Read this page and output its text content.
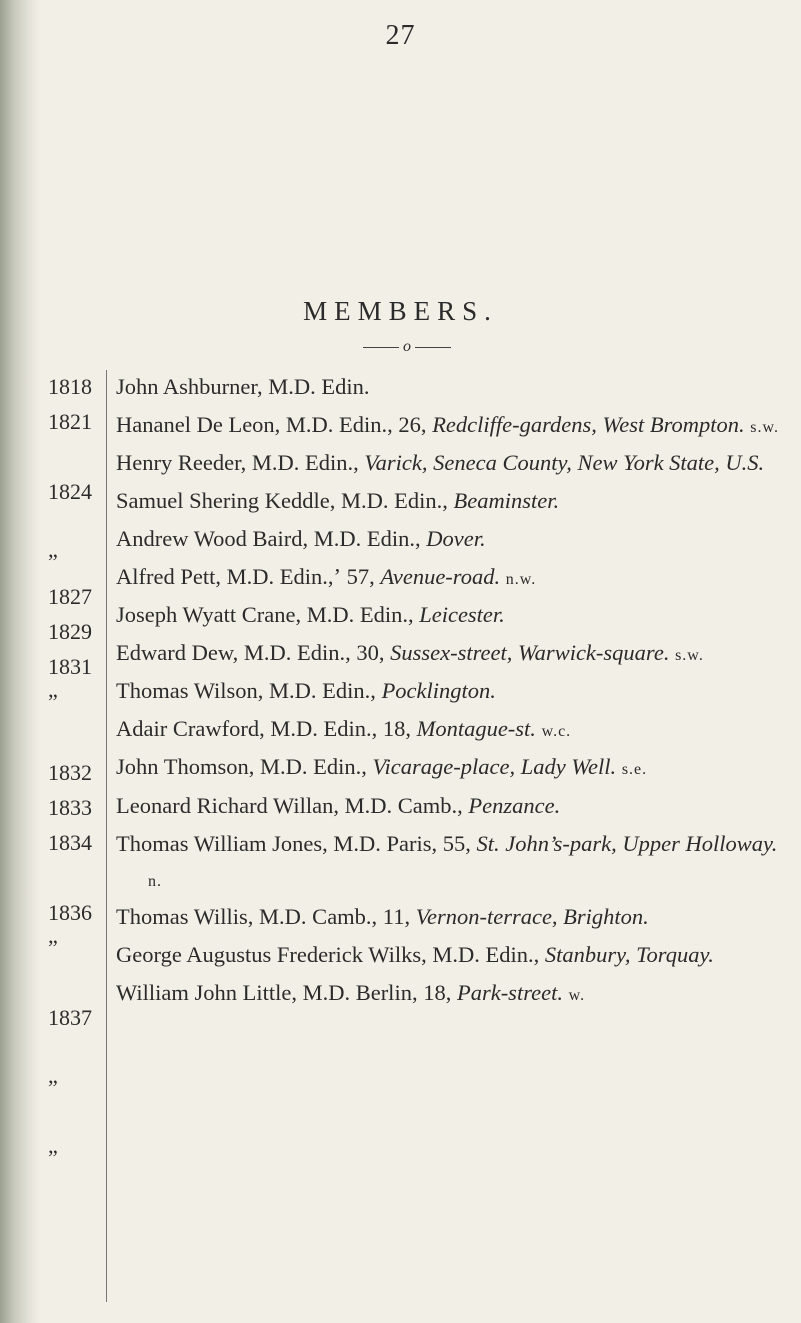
27
MEMBERS.
o
1818
1821
1824
”
1827
1829
1831
”
1832
1833
1834
1836
”
1837
”
”
John Ashburner, M.D. Edin.
Hananel De Leon, M.D. Edin., 26, Redcliffe-gardens, West Brompton. s.w.
Henry Reeder, M.D. Edin., Varick, Seneca County, New York State, U.S.
Samuel Shering Keddle, M.D. Edin., Beaminster.
Andrew Wood Baird, M.D. Edin., Dover.
Alfred Pett, M.D. Edin.,ʼ 57, Avenue-road. n.w.
Joseph Wyatt Crane, M.D. Edin., Leicester.
Edward Dew, M.D. Edin., 30, Sussex-street, Warwick-square. s.w.
Thomas Wilson, M.D. Edin., Pocklington.
Adair Crawford, M.D. Edin., 18, Montague-st. w.c.
John Thomson, M.D. Edin., Vicarage-place, Lady Well. s.e.
Leonard Richard Willan, M.D. Camb., Penzance.
Thomas William Jones, M.D. Paris, 55, St. John’s-park, Upper Holloway. n.
Thomas Willis, M.D. Camb., 11, Vernon-terrace, Brighton.
George Augustus Frederick Wilks, M.D. Edin., Stanbury, Torquay.
William John Little, M.D. Berlin, 18, Park-street. w.
